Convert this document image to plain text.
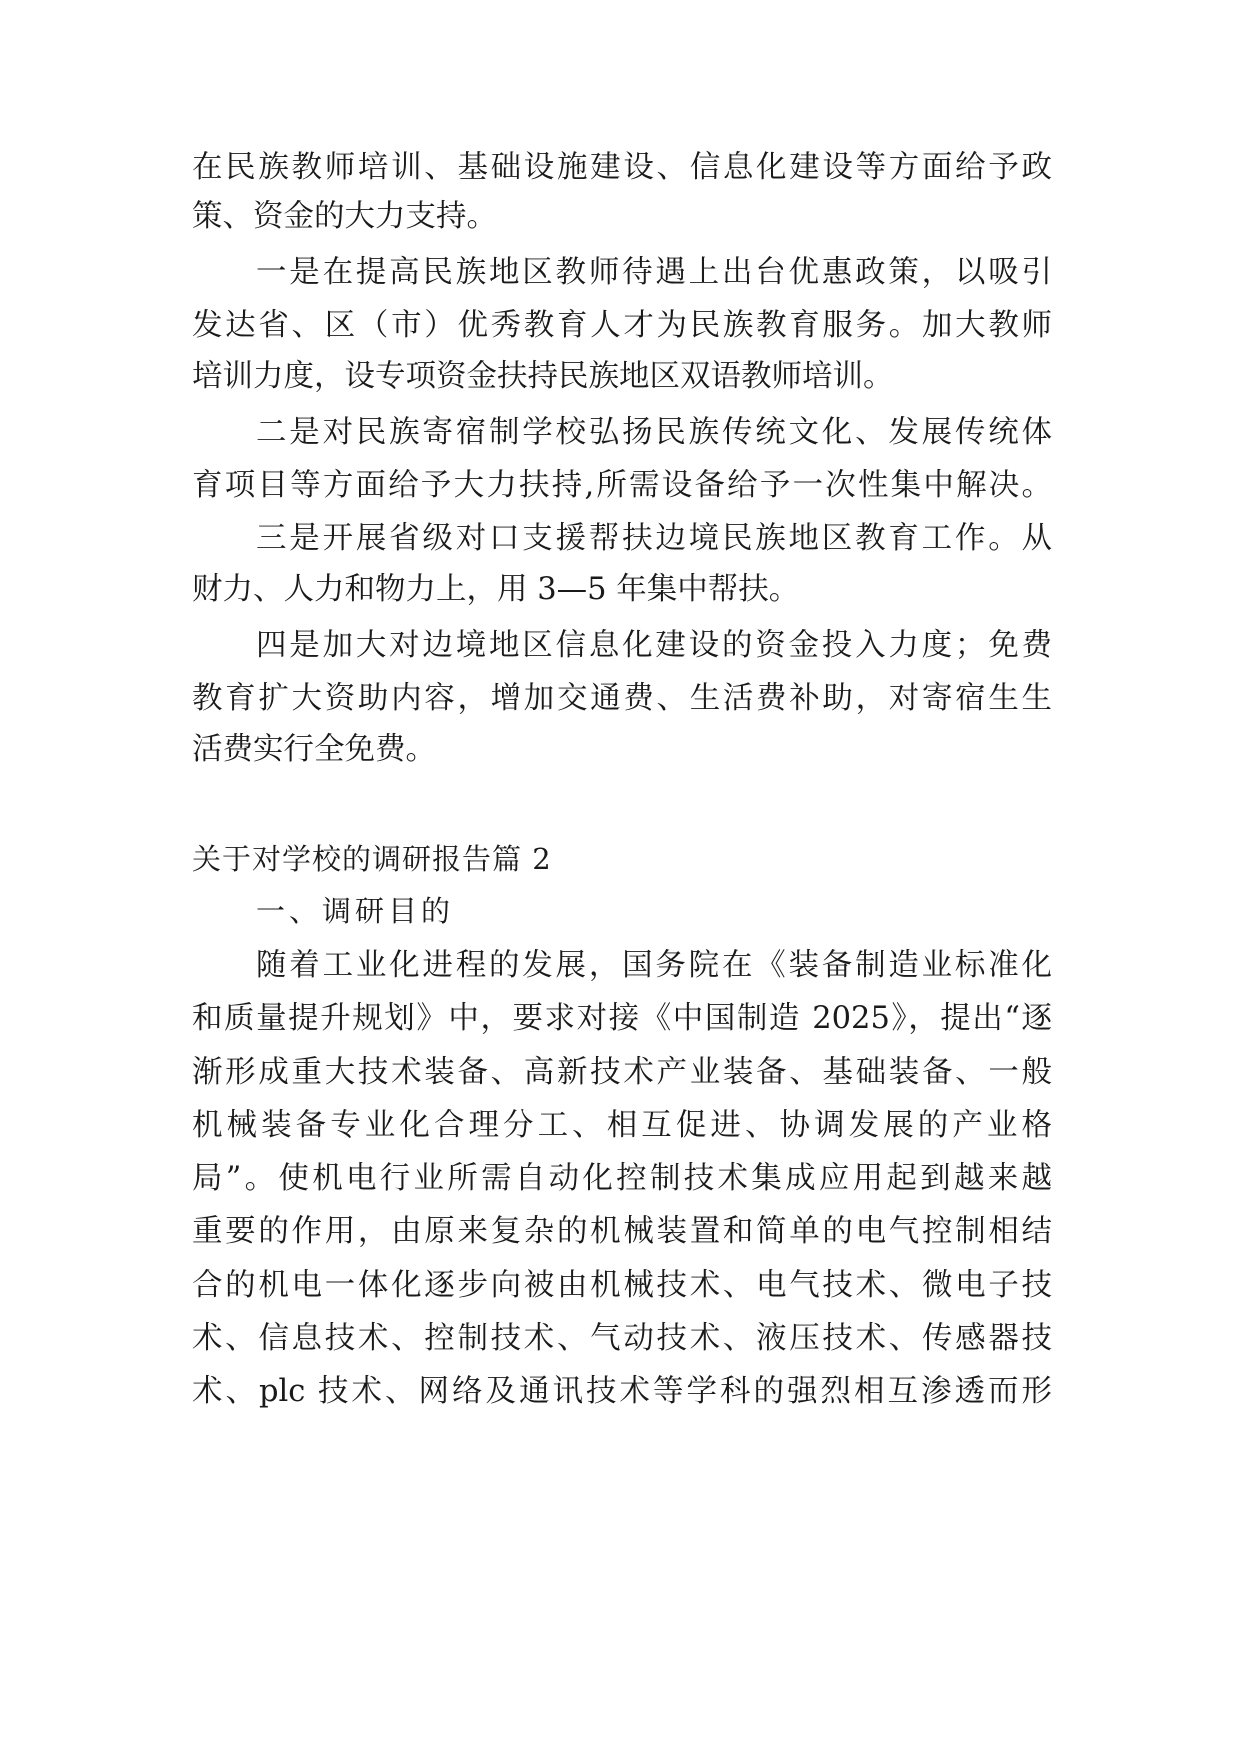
在民族教师培训、基础设施建设、信息化建设等方面给予政
策、资金的大力支持。
一是在提高民族地区教师待遇上出台优惠政策，以吸引
发达省、区（市）优秀教育人才为民族教育服务。加大教师
培训力度，设专项资金扶持民族地区双语教师培训。
二是对民族寄宿制学校弘扬民族传统文化、发展传统体
育项目等方面给予大力扶持,所需设备给予一次性集中解决。
三是开展省级对口支援帮扶边境民族地区教育工作。从
财力、人力和物力上，用 3—5 年集中帮扶。
四是加大对边境地区信息化建设的资金投入力度；免费
教育扩大资助内容，增加交通费、生活费补助，对寄宿生生
活费实行全免费。
关于对学校的调研报告篇 2
一、调研目的
随着工业化进程的发展，国务院在《装备制造业标准化
和质量提升规划》中，要求对接《中国制造 2025》，提出“逐
渐形成重大技术装备、高新技术产业装备、基础装备、一般
机械装备专业化合理分工、相互促进、协调发展的产业格
局”。使机电行业所需自动化控制技术集成应用起到越来越
重要的作用，由原来复杂的机械装置和简单的电气控制相结
合的机电一体化逐步向被由机械技术、电气技术、微电子技
术、信息技术、控制技术、气动技术、液压技术、传感器技
术、plc 技术、网络及通讯技术等学科的强烈相互渗透而形
